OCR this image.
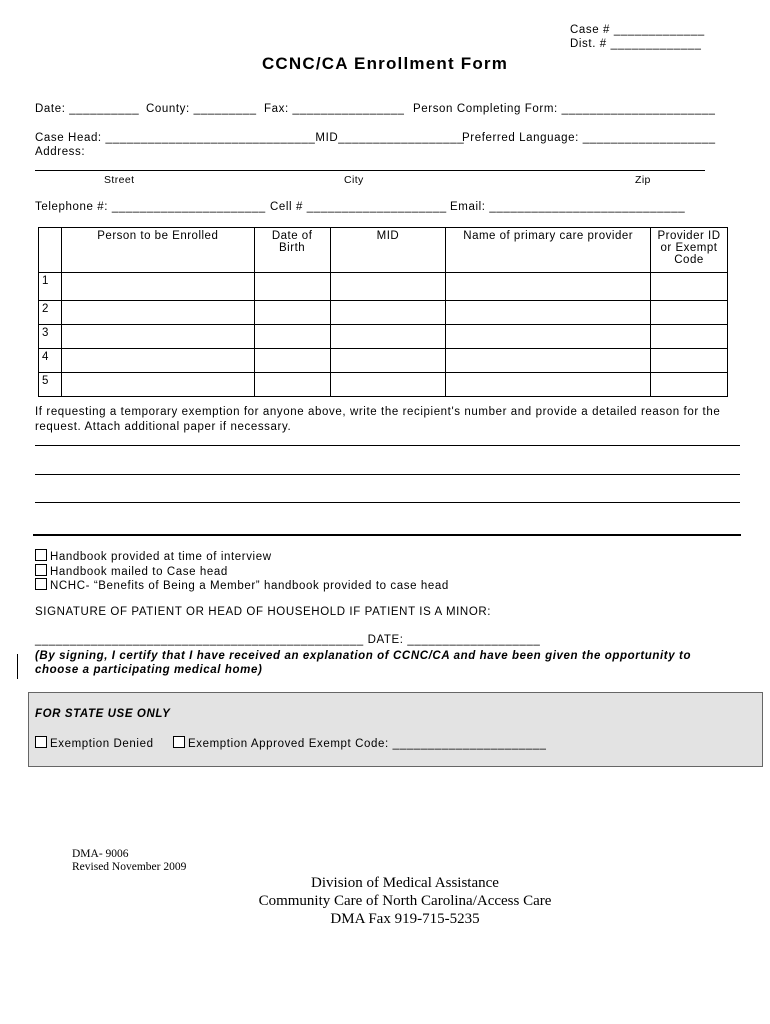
Case # _____________
Dist. # _____________
CCNC/CA Enrollment Form
Date: __________ County: _________ Fax: ________________ Person Completing Form: ______________________
Case Head: ______________________________MID__________________
Preferred Language: ___________________
Address:
Street	City	Zip
Telephone #: ______________________ Cell # ____________________ Email: ____________________________
	Person to be Enrolled	Date of Birth	MID	Name of primary care provider	Provider ID or Exempt Code
1					
2					
3					
4					
5					
If requesting a temporary exemption for anyone above, write the recipient's number and provide a detailed reason for the
request. Attach additional paper if necessary.
Handbook provided at time of interview
Handbook mailed to Case head
NCHC- “Benefits of Being a Member” handbook provided to case head
SIGNATURE OF PATIENT OR HEAD OF HOUSEHOLD IF PATIENT IS A MINOR:
_______________________________________________ DATE: ___________________
(By signing, I certify that I have received an explanation of CCNC/CA and have been given the opportunity to
choose a participating medical home)
FOR STATE USE ONLY
Exemption Denied	Exemption Approved Exempt Code: ______________________
DMA- 9006
Revised November 2009
Division of Medical Assistance
Community Care of North Carolina/Access Care
DMA Fax 919-715-5235
